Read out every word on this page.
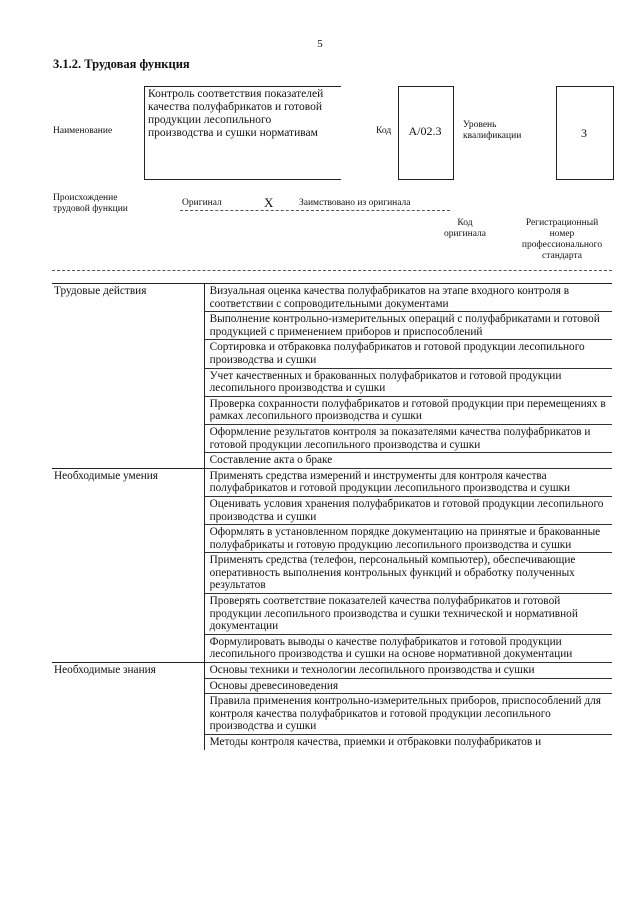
5
3.1.2. Трудовая функция
Наименование
Контроль соответствия показателей качества полуфабрикатов и готовой продукции лесопильного производства и сушки нормативам	Код	А/02.3	Уровень квалификации	3
Происхождение трудовой функции
Оригинал	X	Заимствовано из оригинала
Код оригинала
Регистрационный номер профессионального стандарта
Трудовые действия	Визуальная оценка качества полуфабрикатов на этапе входного контроля в соответствии с сопроводительными документами
	Выполнение контрольно-измерительных операций с полуфабрикатами и готовой продукцией с применением приборов и приспособлений
	Сортировка и отбраковка полуфабрикатов и готовой продукции лесопильного производства и сушки
	Учет качественных и бракованных полуфабрикатов и готовой продукции лесопильного производства и сушки
	Проверка сохранности полуфабрикатов и готовой продукции при перемещениях в рамках лесопильного производства и сушки
	Оформление результатов контроля за показателями качества полуфабрикатов и готовой продукции лесопильного производства и сушки
	Составление акта о браке
Необходимые умения	Применять средства измерений и инструменты для контроля качества полуфабрикатов и готовой продукции лесопильного производства и сушки
	Оценивать условия хранения полуфабрикатов и готовой продукции лесопильного производства и сушки
	Оформлять в установленном порядке документацию на принятые и бракованные полуфабрикаты и готовую продукцию лесопильного производства и сушки
	Применять средства (телефон, персональный компьютер), обеспечивающие оперативность выполнения контрольных функций и обработку полученных результатов
	Проверять соответствие показателей качества полуфабрикатов и готовой продукции лесопильного производства и сушки технической и нормативной документации
	Формулировать выводы о качестве полуфабрикатов и готовой продукции лесопильного производства и сушки на основе нормативной документации
Необходимые знания	Основы техники и технологии лесопильного производства и сушки
	Основы древесиноведения
	Правила применения контрольно-измерительных приборов, приспособлений для контроля качества полуфабрикатов и готовой продукции лесопильного производства и сушки
	Методы контроля качества, приемки и отбраковки полуфабрикатов и
